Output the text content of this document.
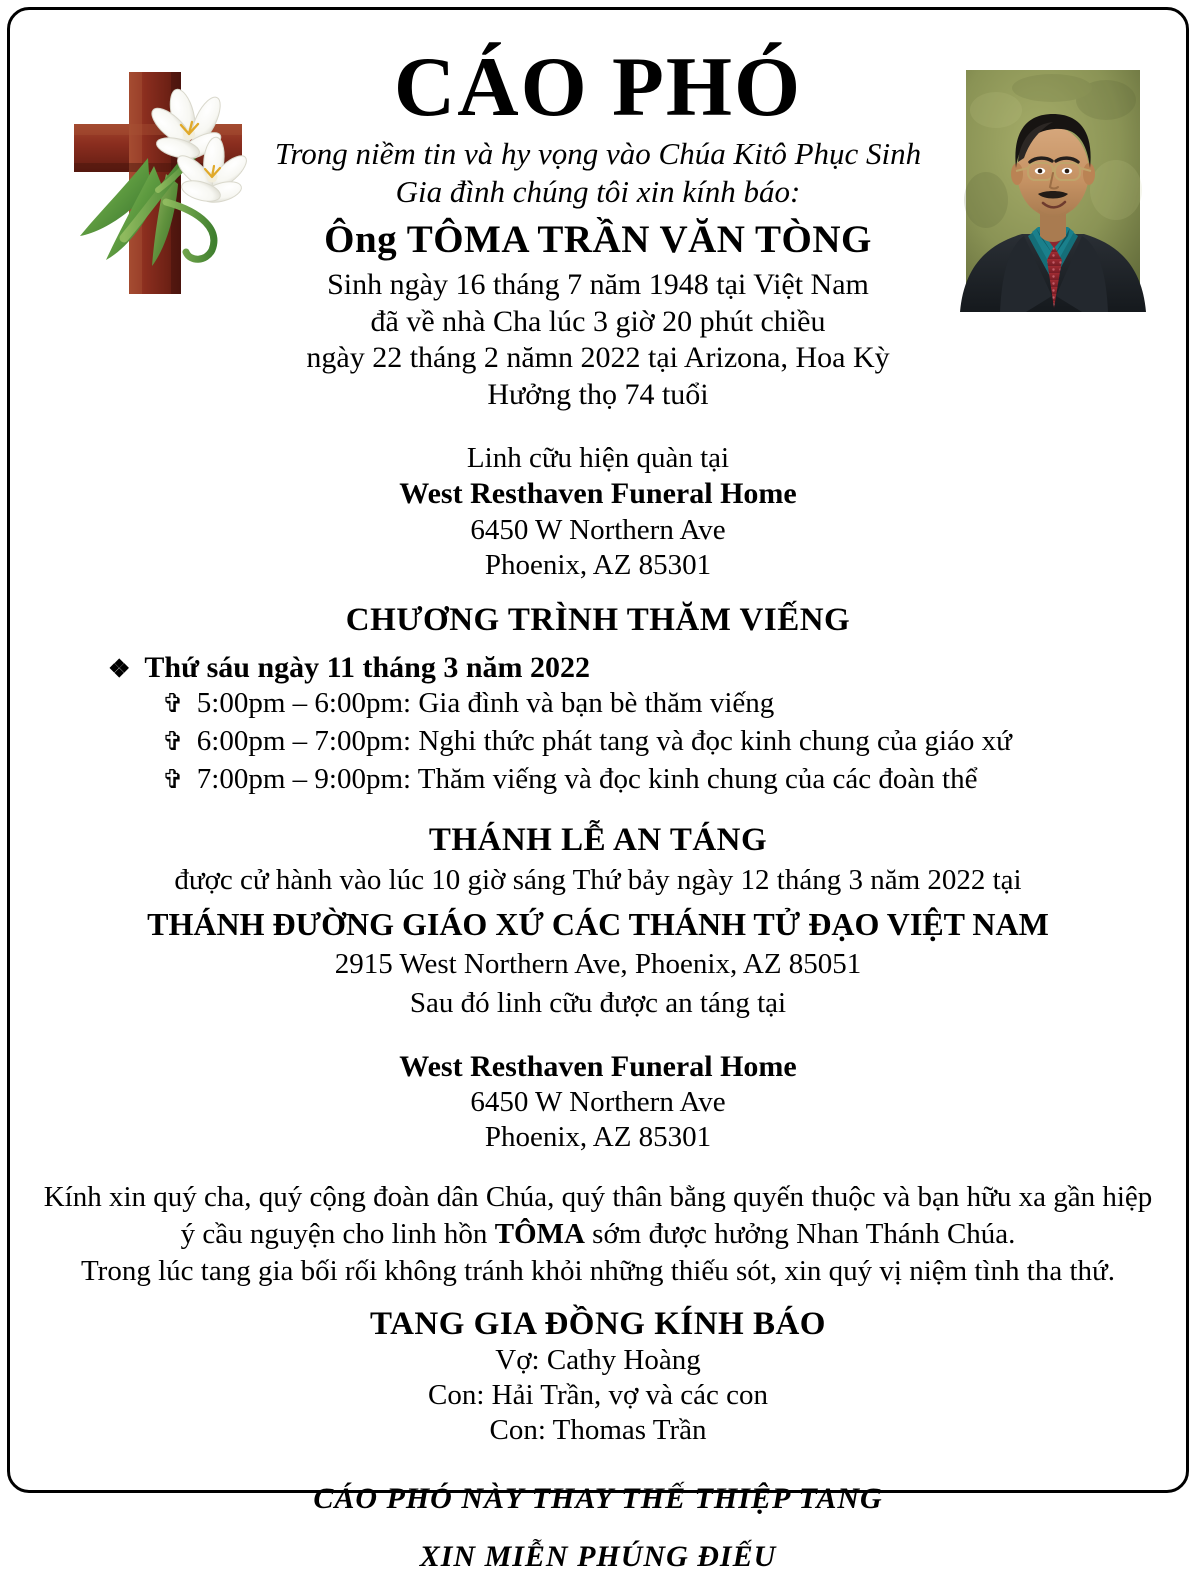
CÁO PHÓ
Trong niềm tin và hy vọng vào Chúa Kitô Phục Sinh
Gia đình chúng tôi xin kính báo:
Ông TÔMA TRẦN VĂN TÒNG
Sinh ngày 16 tháng 7 năm 1948 tại Việt Nam
đã về nhà Cha lúc 3 giờ 20 phút chiều
ngày 22 tháng 2 nămn 2022 tại Arizona, Hoa Kỳ
Hưởng thọ 74 tuổi
Linh cữu hiện quàn tại
West Resthaven Funeral Home
6450 W Northern Ave
Phoenix, AZ 85301
CHƯƠNG TRÌNH THĂM VIẾNG
❖ Thứ sáu ngày 11 tháng 3 năm 2022
✞ 5:00pm – 6:00pm: Gia đình và bạn bè thăm viếng
✞ 6:00pm – 7:00pm: Nghi thức phát tang và đọc kinh chung của giáo xứ
✞ 7:00pm – 9:00pm: Thăm viếng và đọc kinh chung của các đoàn thể
THÁNH LỄ AN TÁNG
được cử hành vào lúc 10 giờ sáng Thứ bảy ngày 12 tháng 3 năm 2022 tại
THÁNH ĐƯỜNG GIÁO XỨ CÁC THÁNH TỬ ĐẠO VIỆT NAM
2915 West Northern Ave, Phoenix, AZ 85051
Sau đó linh cữu được an táng tại
West Resthaven Funeral Home
6450 W Northern Ave
Phoenix, AZ 85301
Kính xin quý cha, quý cộng đoàn dân Chúa, quý thân bằng quyến thuộc và bạn hữu xa gần hiệp
ý cầu nguyện cho linh hồn TÔMA sớm được hưởng Nhan Thánh Chúa.
Trong lúc tang gia bối rối không tránh khỏi những thiếu sót, xin quý vị niệm tình tha thứ.
TANG GIA ĐỒNG KÍNH BÁO
Vợ: Cathy Hoàng
Con: Hải Trần, vợ và các con
Con: Thomas Trần
CÁO PHÓ NÀY THAY THẾ THIỆP TANG
XIN MIỄN PHÚNG ĐIẾU
